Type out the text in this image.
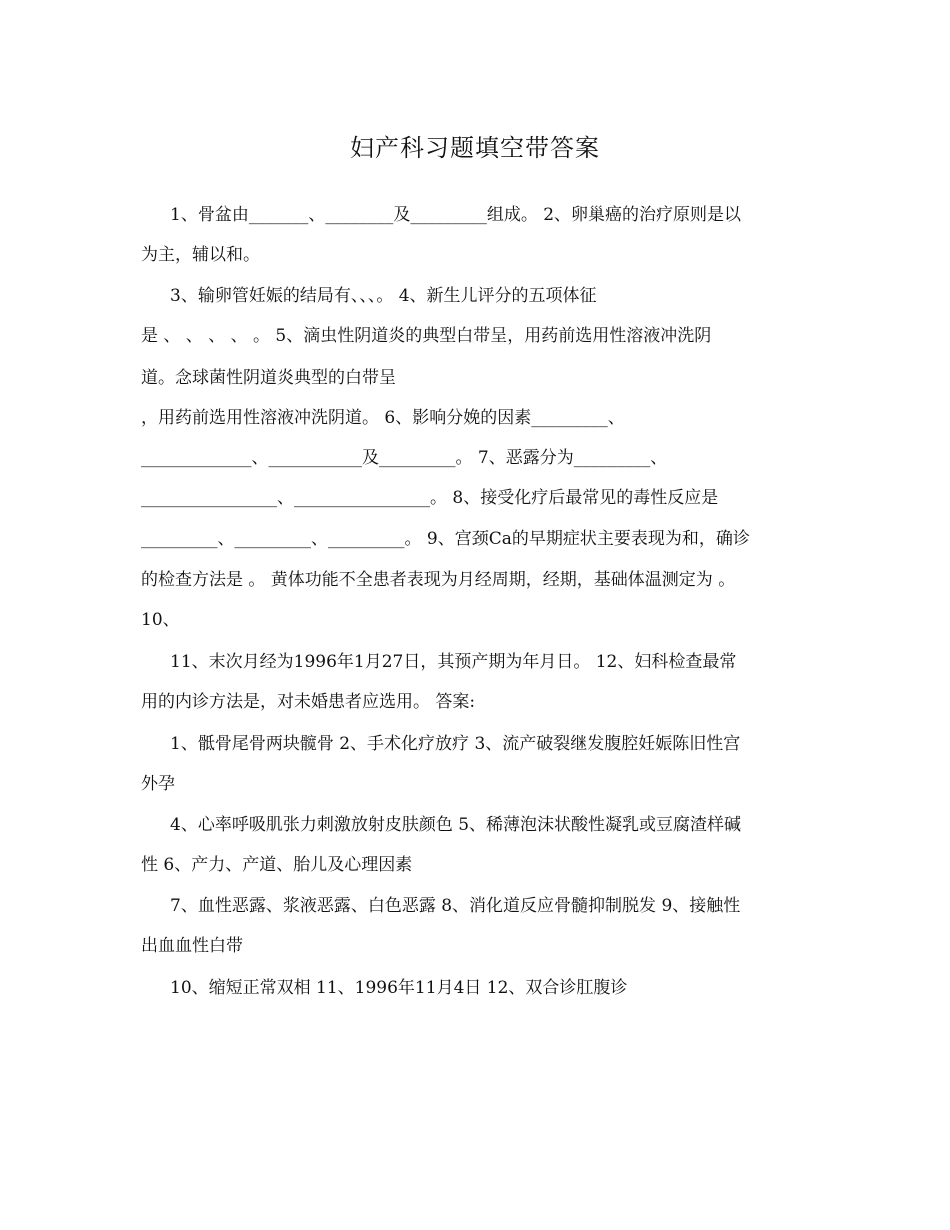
妇产科习题填空带答案
1、骨盆由_______、________及_________组成。 2、卵巢癌的治疗原则是以
为主，辅以和。
3、输卵管妊娠的结局有、、、。 4、新生儿评分的五项体征
是 、 、 、 、 。 5、滴虫性阴道炎的典型白带呈，用药前选用性溶液冲洗阴
道。念球菌性阴道炎典型的白带呈
，用药前选用性溶液冲洗阴道。 6、影响分娩的因素_________、
_____________、___________及_________。 7、恶露分为_________、
________________、________________。 8、接受化疗后最常见的毒性反应是
_________、_________、_________。 9、宫颈Ca的早期症状主要表现为和，确诊
的检查方法是 。 黄体功能不全患者表现为月经周期，经期，基础体温测定为 。
10、
11、末次月经为1996年1月27日，其预产期为年月日。 12、妇科检查最常
用的内诊方法是，对未婚患者应选用。 答案:
1、骶骨尾骨两块髋骨 2、手术化疗放疗 3、流产破裂继发腹腔妊娠陈旧性宫
外孕
4、心率呼吸肌张力刺激放射皮肤颜色 5、稀薄泡沫状酸性凝乳或豆腐渣样碱
性 6、产力、产道、胎儿及心理因素
7、血性恶露、浆液恶露、白色恶露 8、消化道反应骨髓抑制脱发 9、接触性
出血血性白带
10、缩短正常双相 11、1996年11月4日 12、双合诊肛腹诊
